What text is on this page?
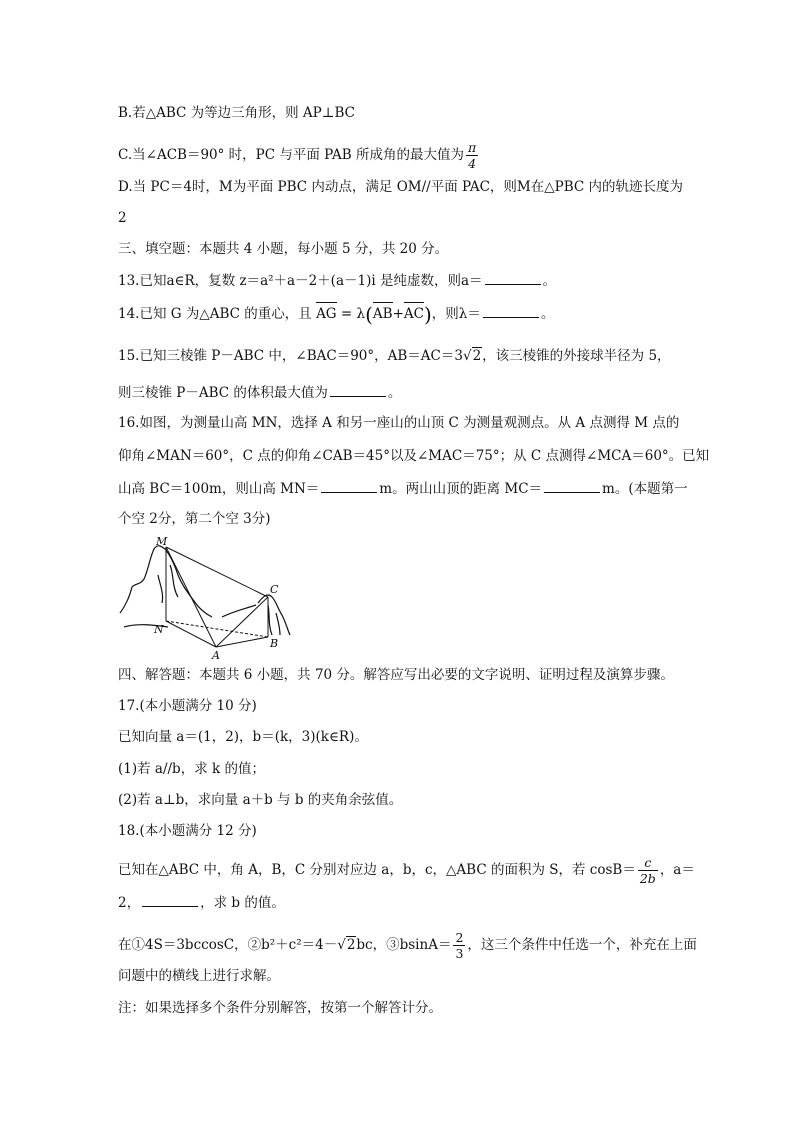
B.若△ABC 为等边三角形，则 AP⊥BC
C.当∠ACB＝90° 时，PC 与平面 PAB 所成角的最大值为 $\frac{\pi}{4}$
D.当 PC＝4时，M为平面 PBC 内动点，满足 OM//平面 PAC，则M在△PBC 内的轨迹长度为
2
三、填空题：本题共 4 小题，每小题 5 分，共 20 分。
13.已知a∈R，复数 z＝a²＋a－2＋(a－1)i 是纯虚数，则a＝	。
14.已知 G 为△ABC 的重心，且 AG = λ(AB+AC)，则λ＝	。
15.已知三棱锥 P－ABC 中，∠BAC＝90°，AB＝AC＝3√2，该三棱锥的外接球半径为 5，
则三棱锥 P－ABC 的体积最大值为	。
16.如图，为测量山高 MN，选择 A 和另一座山的山顶 C 为测量观测点。从 A 点测得 M 点的
仰角∠MAN＝60°，C 点的仰角∠CAB＝45°以及∠MAC＝75°；从 C 点测得∠MCA＝60°。已知
山高 BC＝100m，则山高 MN＝	m。两山山顶的距离 MC＝	m。(本题第一
个空 2分，第二个空 3分)
M
C
N
A
B
四、解答题：本题共 6 小题，共 70 分。解答应写出必要的文字说明、证明过程及演算步骤。
17.(本小题满分 10 分)
已知向量 a＝(1，2)，b＝(k，3)(k∈R)。
(1)若 a//b，求 k 的值；
(2)若 a⊥b，求向量 a＋b 与 b 的夹角余弦值。
18.(本小题满分 12 分)
已知在△ABC 中，角 A，B，C 分别对应边 a，b，c，△ABC 的面积为 S，若 $\cos B= \frac{c}{2b}$ ，a＝
2，	，求 b 的值。
在①4S＝3bccosC，②b²＋c²＝4－√2bc，③bsinA＝ $\frac{2}{3}$ ，这三个条件中任选一个，补充在上面
问题中的横线上进行求解。
注：如果选择多个条件分别解答，按第一个解答计分。
